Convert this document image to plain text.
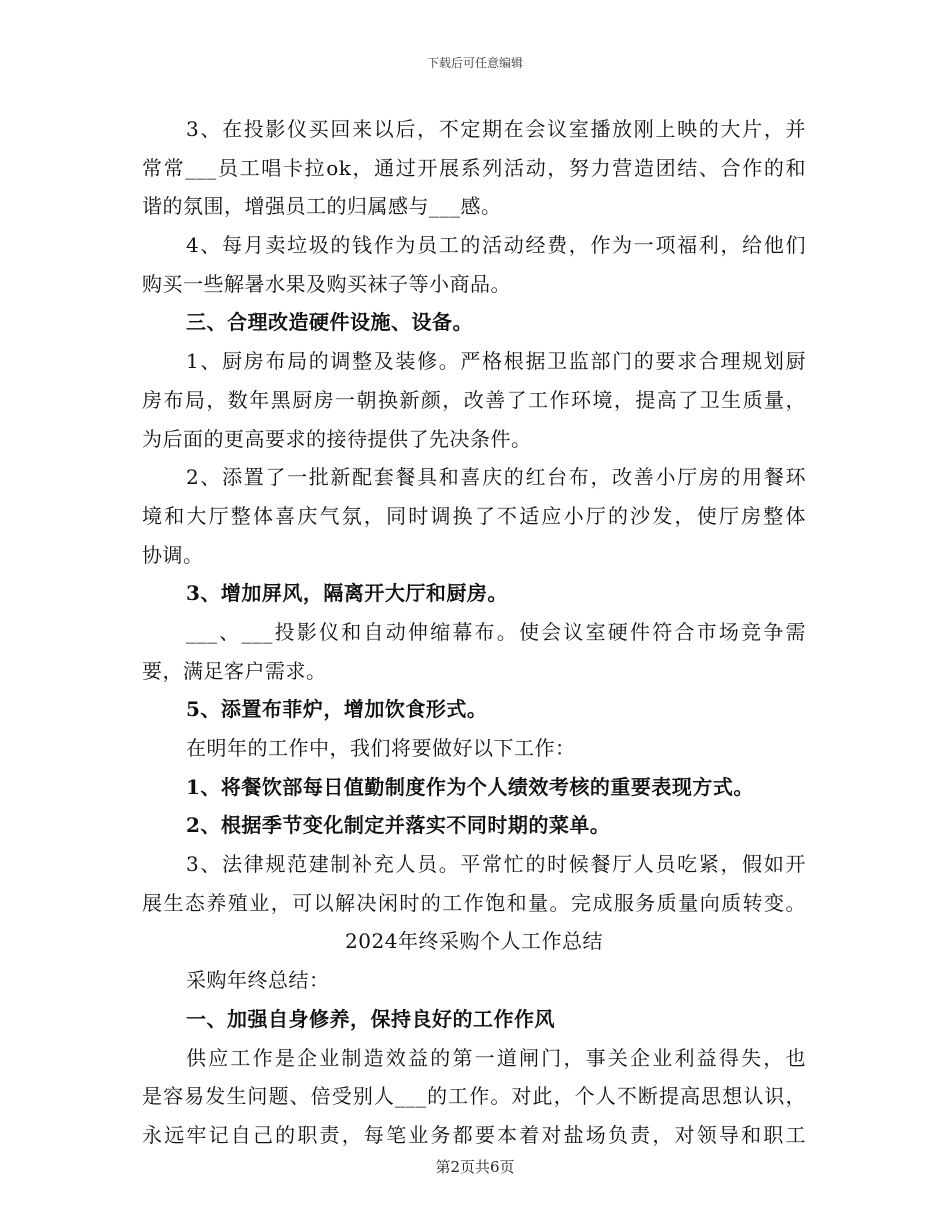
下载后可任意编辑
3、在投影仪买回来以后，不定期在会议室播放刚上映的大片，并
常常___员工唱卡拉ok，通过开展系列活动，努力营造团结、合作的和
谐的氛围，增强员工的归属感与___感。
4、每月卖垃圾的钱作为员工的活动经费，作为一项福利，给他们
购买一些解暑水果及购买袜子等小商品。
三、合理改造硬件设施、设备。
1、厨房布局的调整及装修。严格根据卫监部门的要求合理规划厨
房布局，数年黑厨房一朝换新颜，改善了工作环境，提高了卫生质量，
为后面的更高要求的接待提供了先决条件。
2、添置了一批新配套餐具和喜庆的红台布，改善小厅房的用餐环
境和大厅整体喜庆气氛，同时调换了不适应小厅的沙发，使厅房整体
协调。
3、增加屏风，隔离开大厅和厨房。
___、___投影仪和自动伸缩幕布。使会议室硬件符合市场竞争需
要，满足客户需求。
5、添置布菲炉，增加饮食形式。
在明年的工作中，我们将要做好以下工作：
1、将餐饮部每日值勤制度作为个人绩效考核的重要表现方式。
2、根据季节变化制定并落实不同时期的菜单。
3、法律规范建制补充人员。平常忙的时候餐厅人员吃紧，假如开
展生态养殖业，可以解决闲时的工作饱和量。完成服务质量向质转变。
2024年终采购个人工作总结
采购年终总结：
一、加强自身修养，保持良好的工作作风
供应工作是企业制造效益的第一道闸门，事关企业利益得失，也
是容易发生问题、倍受别人___的工作。对此，个人不断提高思想认识，
永远牢记自己的职责，每笔业务都要本着对盐场负责，对领导和职工
第2页共6页
